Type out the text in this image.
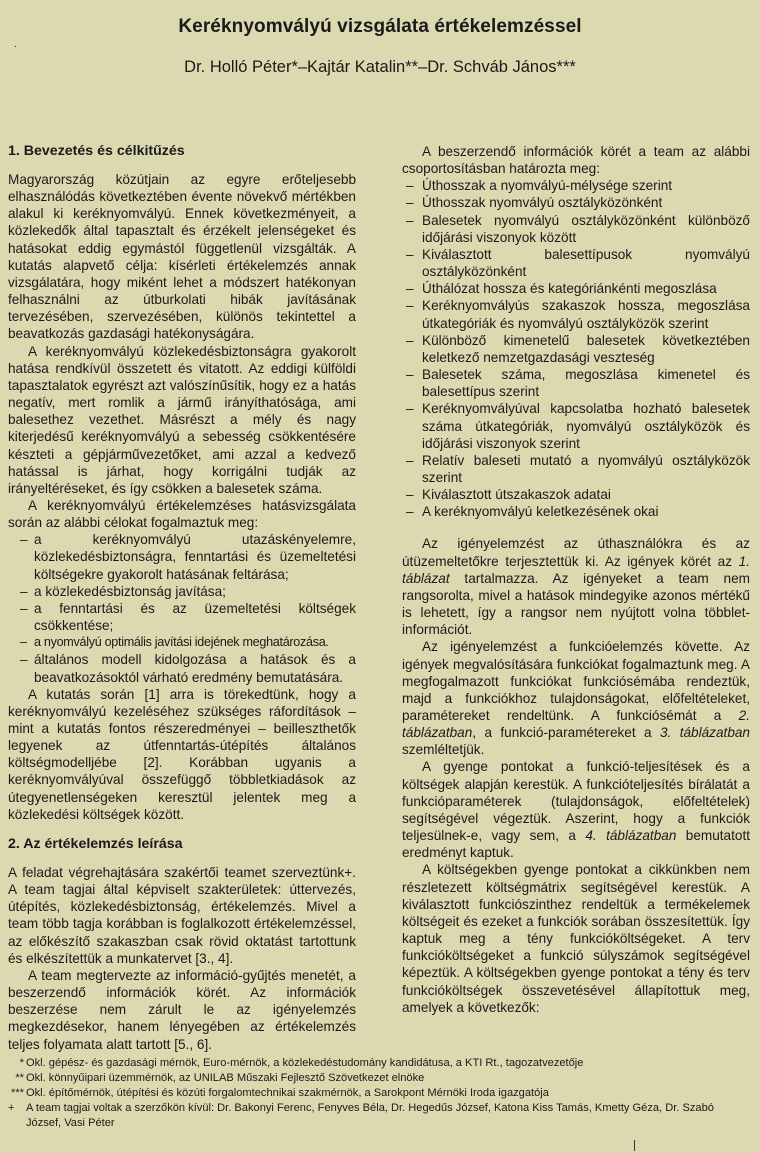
Keréknyomvályú vizsgálata értékelemzéssel
.
Dr. Holló Péter*–Kajtár Katalin**–Dr. Schváb János***
1. Bevezetés és célkitűzés

Magyarország közútjain az egyre erőteljesebb elhasználódás következtében évente növekvő mértékben alakul ki keréknyomvályú. Ennek következményeit, a közlekedők által tapasztalt és érzékelt jelenségeket és hatásokat eddig egymástól függetlenül vizsgálták. A kutatás alapvető célja: kísérleti értékelemzés annak vizsgálatára, hogy miként lehet a módszert hatékonyan felhasználni az útburkolati hibák javításának tervezésében, szervezésében, különös tekintettel a beavatkozás gazdasági hatékonyságára.

A keréknyomvályú közlekedésbiztonságra gyakorolt hatása rendkívül összetett és vitatott. Az eddigi külföldi tapasztalatok egyrészt azt valószínűsítik, hogy ez a hatás negatív, mert romlik a jármű irányíthatósága, ami balesethez vezethet. Másrészt a mély és nagy kiterjedésű keréknyomvályú a sebesség csökkentésére készteti a gépjárművezetőket, ami azzal a kedvező hatással is járhat, hogy korrigálni tudják az irányeltéréseket, és így csökken a balesetek száma.

A keréknyomvályú értékelemzéses hatásvizsgálata során az alábbi célokat fogalmaztuk meg:

– a keréknyomvályú utazáskényelemre, közlekedésbiztonságra, fenntartási és üzemeltetési költségekre gyakorolt hatásának feltárása;
– a közlekedésbiztonság javítása;
– a fenntartási és az üzemeltetési költségek csökkentése;
– a nyomvályú optimális javítási idejének meghatározása.
– általános modell kidolgozása a hatások és a beavatkozásoktól várható eredmény bemutatására.

A kutatás során [1] arra is törekedtünk, hogy a keréknyomvályú kezeléséhez szükséges ráfordítások – mint a kutatás fontos részeredményei – beilleszthetők legyenek az útfenntartás-útépítés általános költségmodelljébe [2]. Korábban ugyanis a keréknyomvályúval összefüggő többletkiadások az útegyenetlenségeken keresztül jelentek meg a közlekedési költségek között.

2. Az értékelemzés leírása

A feladat végrehajtására szakértői teamet szerveztünk+. A team tagjai által képviselt szakterületek: úttervezés, útépítés, közlekedésbiztonság, értékelemzés. Mivel a team több tagja korábban is foglalkozott értékelemzéssel, az előkészítő szakaszban csak rövid oktatást tartottunk és elkészítettük a munkatervet [3., 4].

A team megtervezte az információ-gyűjtés menetét, a beszerzendő információk körét. Az információk beszerzése nem zárult le az igényelemzés megkezdésekor, hanem lényegében az értékelemzés teljes folyamata alatt tartott [5., 6].

A beszerzendő információk körét a team az alábbi csoportosításban határozta meg:

– Úthosszak a nyomvályú-mélysége szerint
– Úthosszak nyomvályú osztályközönként
– Balesetek nyomvályú osztályközönként különböző időjárási viszonyok között
– Kiválasztott balesettípusok nyomvályú osztályközönként
– Úthálózat hossza és kategóriánkénti megoszlása
– Keréknyomvályús szakaszok hossza, megoszlása útkategóriák és nyomvályú osztályközök szerint
– Különböző kimenetelű balesetek következtében keletkező nemzetgazdasági veszteség
– Balesetek száma, megoszlása kimenetel és balesettípus szerint
– Keréknyomvályúval kapcsolatba hozható balesetek száma útkategóriák, nyomvályú osztályközök és időjárási viszonyok szerint
– Relatív baleseti mutató a nyomvályú osztályközök szerint
– Kiválasztott útszakaszok adatai
– A keréknyomvályú keletkezésének okai

Az igényelemzést az úthasználókra és az útüzemeltetőkre terjesztettük ki. Az igények körét az 1. táblázat tartalmazza. Az igényeket a team nem rangsorolta, mivel a hatások mindegyike azonos mértékű is lehetett, így a rangsor nem nyújtott volna többlet-információt.

Az igényelemzést a funkcióelemzés követte. Az igények megvalósítására funkciókat fogalmaztunk meg. A megfogalmazott funkciókat funkciósémába rendeztük, majd a funkciókhoz tulajdonságokat, előfeltételeket, paramétereket rendeltünk. A funkciósémát a 2. táblázatban, a funkció-paramétereket a 3. táblázatban szemléltetjük.

A gyenge pontokat a funkció-teljesítések és a költségek alapján kerestük. A funkcióteljesítés bírálatát a funkcióparaméterek (tulajdonságok, előfeltételek) segítségével végeztük. Aszerint, hogy a funkciók teljesülnek-e, vagy sem, a 4. táblázatban bemutatott eredményt kaptuk.

A költségekben gyenge pontokat a cikkünkben nem részletezett költségmátrix segítségével kerestük. A kiválasztott funkciószinthez rendeltük a termékelemek költségeit és ezeket a funkciók sorában összesítettük. Így kaptuk meg a tény funkcióköltségeket. A terv funkcióköltségeket a funkció súlyszámok segítségével képeztük. A költségekben gyenge pontokat a tény és terv funkcióköltségek összevetésével állapítottuk meg, amelyek a következők:

* Okl. gépész- és gazdasági mérnök, Euro-mérnök, a közlekedéstudomány kandidátusa, a KTI Rt., tagozatvezetője
** Okl. könnyűipari üzemmérnök, az UNILAB Műszaki Fejlesztő Szövetkezet elnöke
*** Okl. építőmérnök, útépítési és közúti forgalomtechnikai szakmérnök, a Sarokpont Mérnöki Iroda igazgatója
+	A team tagjai voltak a szerzőkön kívül: Dr. Bakonyi Ferenc, Fenyves Béla, Dr. Hegedűs József, Katona Kiss Tamás, Kmetty Géza, Dr. Szabó József, Vasi Péter
